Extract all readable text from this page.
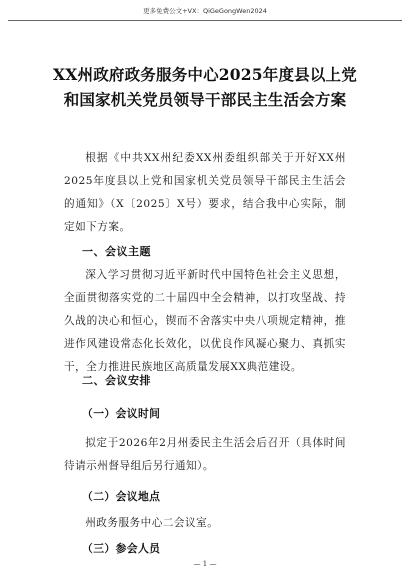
更多免费公文+VX：QiGeGongWen2024
XX州政府政务服务中心2025年度县以上党和国家机关党员领导干部民主生活会方案
根据《中共XX州纪委XX州委组织部关于开好XX州2025年度县以上党和国家机关党员领导干部民主生活会的通知》（X〔2025〕X号）要求，结合我中心实际，制定如下方案。
一、会议主题
深入学习贯彻习近平新时代中国特色社会主义思想，全面贯彻落实党的二十届四中全会精神，以打攻坚战、持久战的决心和恒心，锲而不舍落实中央八项规定精神，推进作风建设常态化长效化，以优良作风凝心聚力、真抓实干，全力推进民族地区高质量发展XX典范建设。
二、会议安排
（一）会议时间
拟定于2026年2月州委民主生活会后召开（具体时间待请示州督导组后另行通知）。
（二）会议地点
州政务服务中心二会议室。
（三）参会人员
— 1 —
